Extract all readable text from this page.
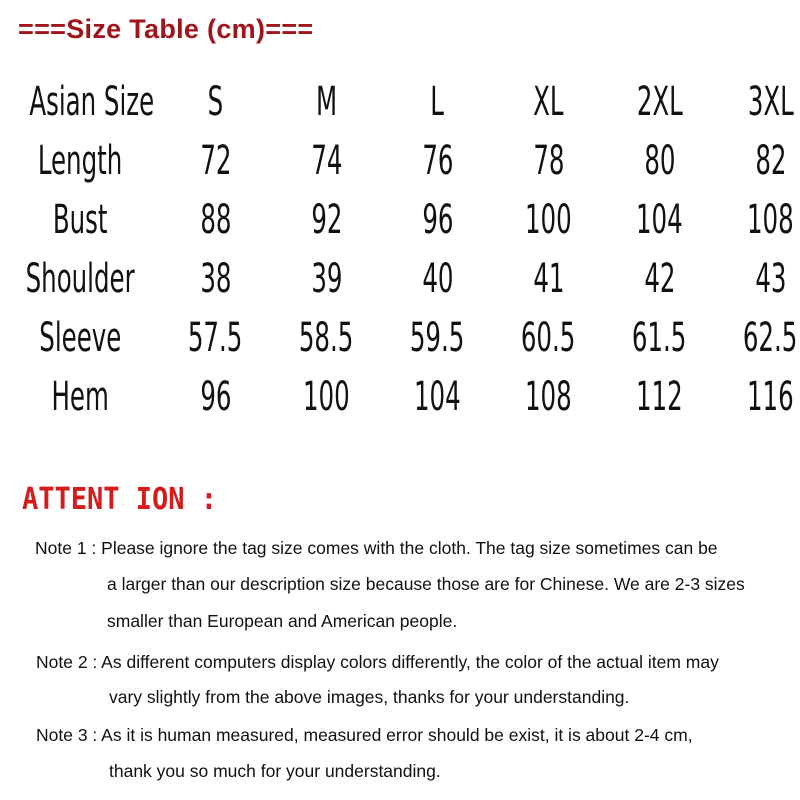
===Size Table (cm)===
Asian Size	S	M	L	XL	2XL	3XL
Length	72	74	76	78	80	82
Bust	88	92	96	100	104	108
Shoulder	38	39	40	41	42	43
Sleeve	57.5	58.5	59.5	60.5	61.5	62.5
Hem	96	100	104	108	112	116
ATTENT ION :
Note 1 : Please ignore the tag size comes with the cloth. The tag size sometimes can be
a larger than our description size because those are for Chinese. We are 2-3 sizes
smaller than European and American people.
Note 2 : As different computers display colors differently, the color of the actual item may
vary slightly from the above images, thanks for your understanding.
Note 3 : As it is human measured, measured error should be exist, it is about 2-4 cm,
thank you so much for your understanding.
